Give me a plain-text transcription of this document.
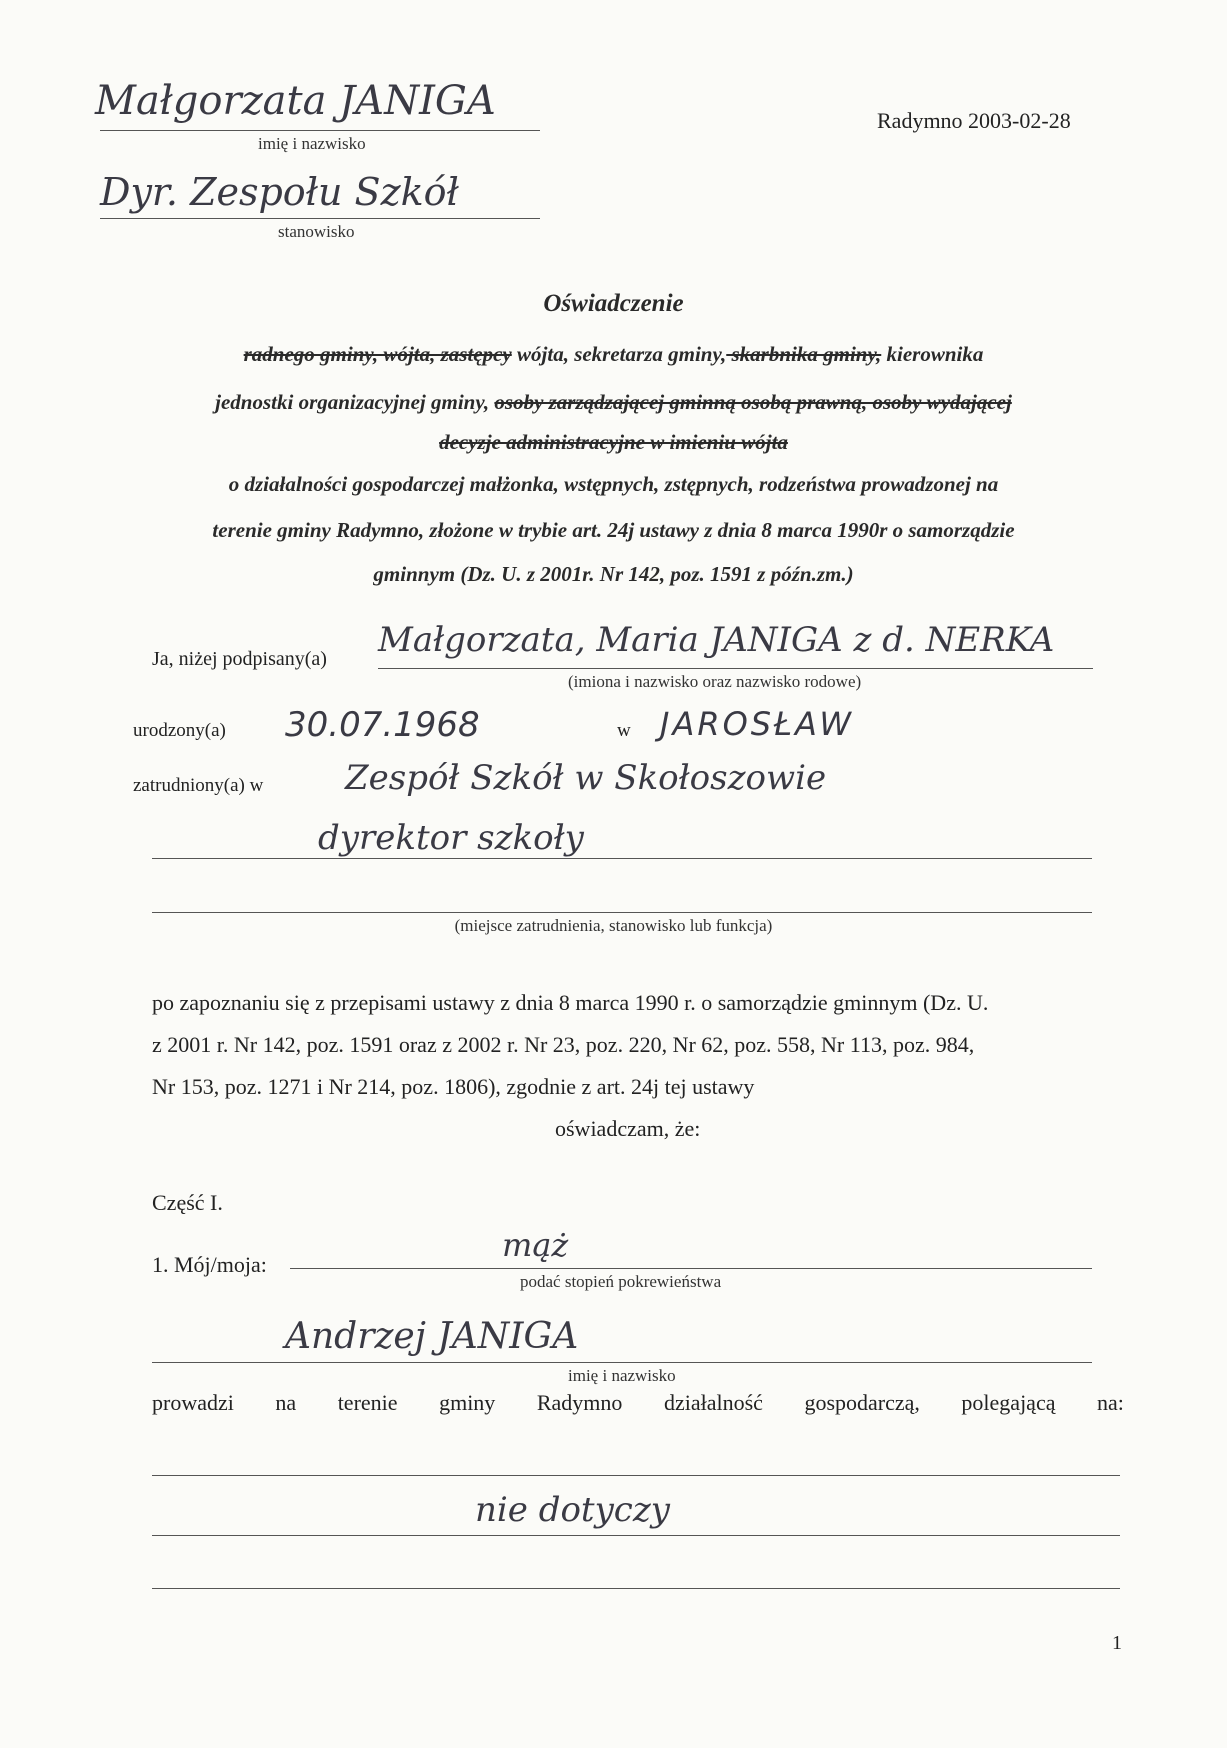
Małgorzata JANIGA
imię i nazwisko
Dyr. Zespołu Szkół
stanowisko
Radymno 2003-02-28
Oświadczenie
radnego gminy, wójta, zastępcy wójta, sekretarza gminy, skarbnika gminy, kierownika
jednostki organizacyjnej gminy, osoby zarządzającej gminną osobą prawną, osoby wydającej
decyzje administracyjne w imieniu wójta
o działalności gospodarczej małżonka, wstępnych, zstępnych, rodzeństwa prowadzonej na
terenie gminy Radymno, złożone w trybie art. 24j ustawy z dnia 8 marca 1990r o samorządzie
gminnym (Dz. U. z 2001r. Nr 142, poz. 1591 z późn.zm.)
Ja, niżej podpisany(a) Małgorzata, Maria JANIGA z d. NERKA
(imiona i nazwisko oraz nazwisko rodowe)
urodzony(a) 30.07.1968	w JAROSŁAW
zatrudniony(a) w Zespół Szkół w Skołoszowie
dyrektor szkoły
(miejsce zatrudnienia, stanowisko lub funkcja)
po zapoznaniu się z przepisami ustawy z dnia 8 marca 1990 r. o samorządzie gminnym (Dz. U.
z 2001 r. Nr 142, poz. 1591 oraz z 2002 r. Nr 23, poz. 220, Nr 62, poz. 558, Nr 113, poz. 984,
Nr 153, poz. 1271 i Nr 214, poz. 1806), zgodnie z art. 24j tej ustawy
oświadczam, że:
Część I.
1. Mój/moja:
mąż
podać stopień pokrewieństwa
Andrzej JANIGA
imię i nazwisko
prowadzi na terenie gminy Radymno działalność gospodarczą, polegającą na:
nie dotyczy
1
